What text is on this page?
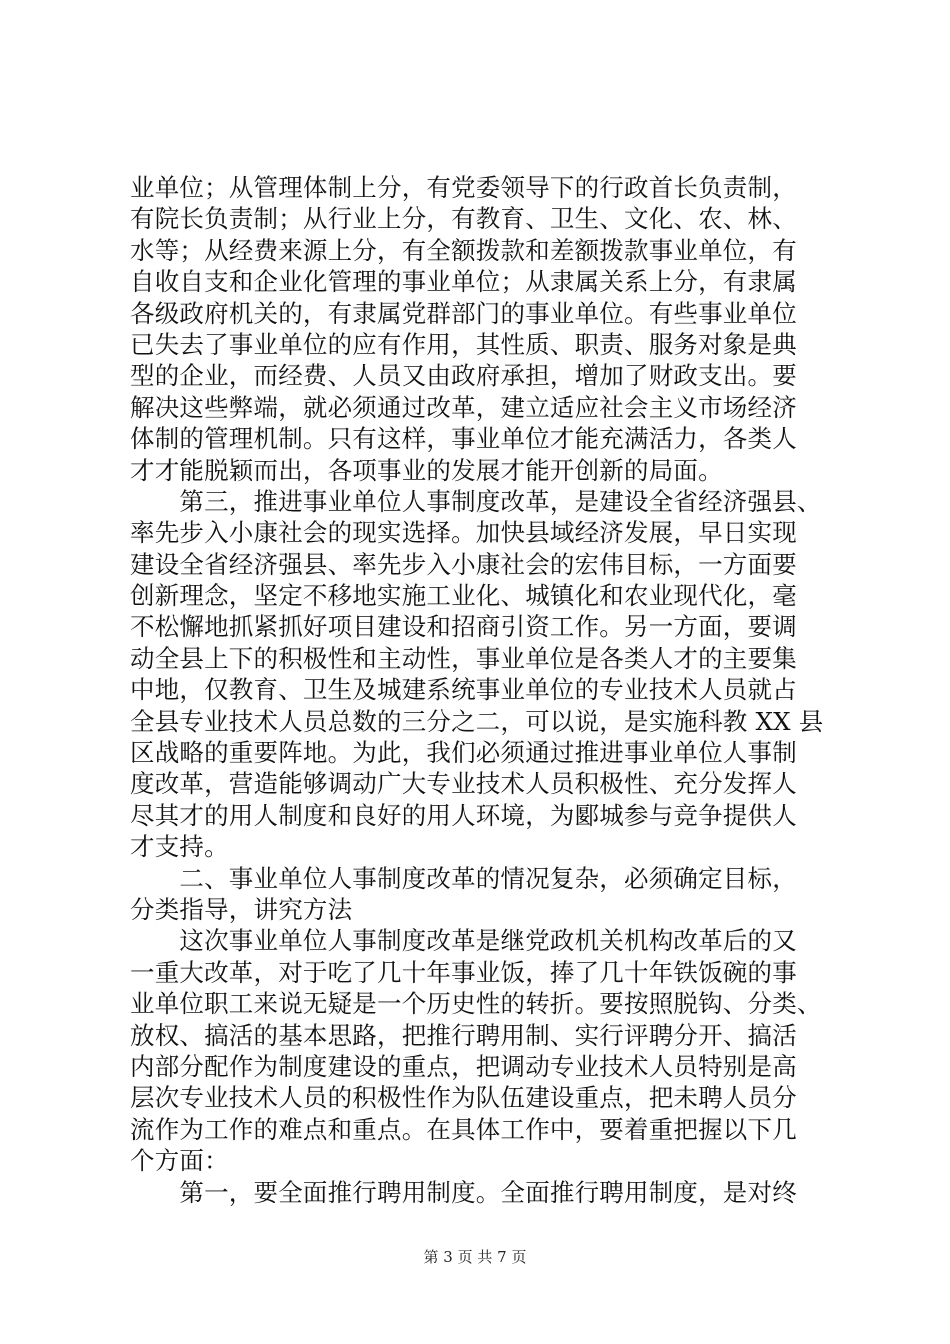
业单位；从管理体制上分，有党委领导下的行政首长负责制，
有院长负责制；从行业上分，有教育、卫生、文化、农、林、
水等；从经费来源上分，有全额拨款和差额拨款事业单位，有
自收自支和企业化管理的事业单位；从隶属关系上分，有隶属
各级政府机关的，有隶属党群部门的事业单位。有些事业单位
已失去了事业单位的应有作用，其性质、职责、服务对象是典
型的企业，而经费、人员又由政府承担，增加了财政支出。要
解决这些弊端，就必须通过改革，建立适应社会主义市场经济
体制的管理机制。只有这样，事业单位才能充满活力，各类人
才才能脱颖而出，各项事业的发展才能开创新的局面。
　　第三，推进事业单位人事制度改革，是建设全省经济强县、
率先步入小康社会的现实选择。加快县域经济发展，早日实现
建设全省经济强县、率先步入小康社会的宏伟目标，一方面要
创新理念，坚定不移地实施工业化、城镇化和农业现代化，毫
不松懈地抓紧抓好项目建设和招商引资工作。另一方面，要调
动全县上下的积极性和主动性，事业单位是各类人才的主要集
中地，仅教育、卫生及城建系统事业单位的专业技术人员就占
全县专业技术人员总数的三分之二，可以说，是实施科教 XX 县
区战略的重要阵地。为此，我们必须通过推进事业单位人事制
度改革，营造能够调动广大专业技术人员积极性、充分发挥人
尽其才的用人制度和良好的用人环境，为郾城参与竞争提供人
才支持。
　　二、事业单位人事制度改革的情况复杂，必须确定目标，
分类指导，讲究方法
　　这次事业单位人事制度改革是继党政机关机构改革后的又
一重大改革，对于吃了几十年事业饭，捧了几十年铁饭碗的事
业单位职工来说无疑是一个历史性的转折。要按照脱钩、分类、
放权、搞活的基本思路，把推行聘用制、实行评聘分开、搞活
内部分配作为制度建设的重点，把调动专业技术人员特别是高
层次专业技术人员的积极性作为队伍建设重点，把未聘人员分
流作为工作的难点和重点。在具体工作中，要着重把握以下几
个方面：
　　第一，要全面推行聘用制度。全面推行聘用制度，是对终
第 3 页 共 7 页
